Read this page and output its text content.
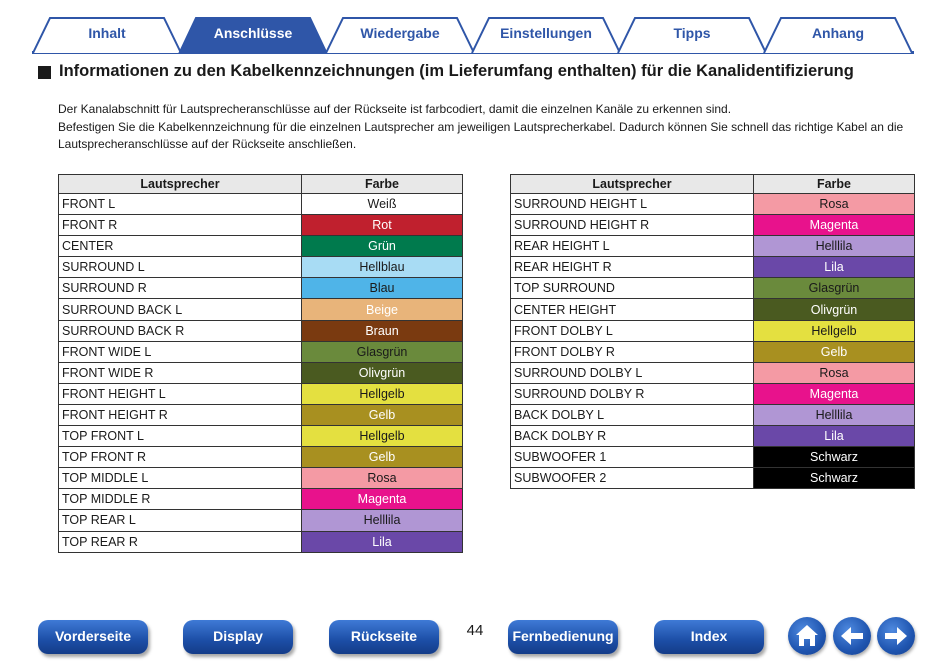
Inhalt	Anschlüsse	Wiedergabe	Einstellungen	Tipps	Anhang
Informationen zu den Kabelkennzeichnungen (im Lieferumfang enthalten) für die Kanalidentifizierung
Der Kanalabschnitt für Lautsprecheranschlüsse auf der Rückseite ist farbcodiert, damit die einzelnen Kanäle zu erkennen sind.
Befestigen Sie die Kabelkennzeichnung für die einzelnen Lautsprecher am jeweiligen Lautsprecherkabel. Dadurch können Sie schnell das richtige Kabel an die Lautsprecheranschlüsse auf der Rückseite anschließen.
Lautsprecher	Farbe
FRONT L	Weiß
FRONT R	Rot
CENTER	Grün
SURROUND L	Hellblau
SURROUND R	Blau
SURROUND BACK L	Beige
SURROUND BACK R	Braun
FRONT WIDE L	Glasgrün
FRONT WIDE R	Olivgrün
FRONT HEIGHT L	Hellgelb
FRONT HEIGHT R	Gelb
TOP FRONT L	Hellgelb
TOP FRONT R	Gelb
TOP MIDDLE L	Rosa
TOP MIDDLE R	Magenta
TOP REAR L	Helllila
TOP REAR R	Lila
Lautsprecher	Farbe
SURROUND HEIGHT L	Rosa
SURROUND HEIGHT R	Magenta
REAR HEIGHT L	Helllila
REAR HEIGHT R	Lila
TOP SURROUND	Glasgrün
CENTER HEIGHT	Olivgrün
FRONT DOLBY L	Hellgelb
FRONT DOLBY R	Gelb
SURROUND DOLBY L	Rosa
SURROUND DOLBY R	Magenta
BACK DOLBY L	Helllila
BACK DOLBY R	Lila
SUBWOOFER 1	Schwarz
SUBWOOFER 2	Schwarz
Vorderseite	Display	Rückseite	44	Fernbedienung	Index
